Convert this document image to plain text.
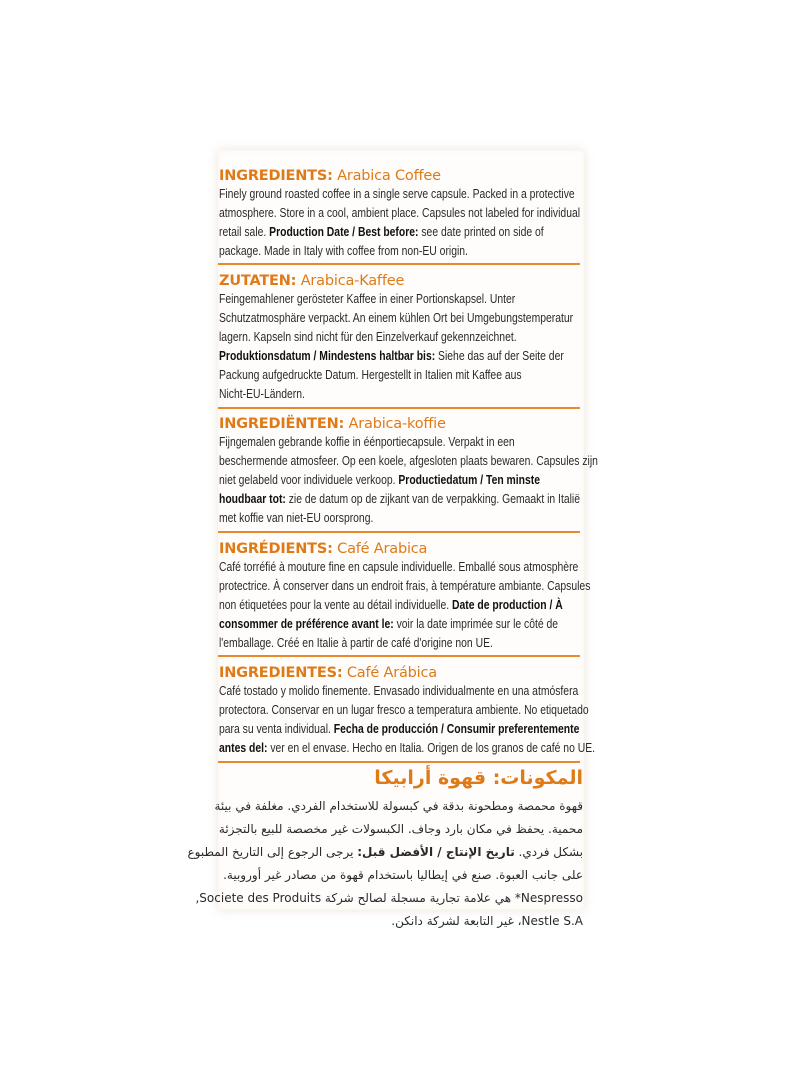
INGREDIENTS: Arabica Coffee
Finely ground roasted coffee in a single serve capsule. Packed in a protective
atmosphere. Store in a cool, ambient place. Capsules not labeled for individual
retail sale. Production Date / Best before: see date printed on side of
package. Made in Italy with coffee from non-EU origin.
ZUTATEN: Arabica-Kaffee
Feingemahlener gerösteter Kaffee in einer Portionskapsel. Unter
Schutzatmosphäre verpackt. An einem kühlen Ort bei Umgebungstemperatur
lagern. Kapseln sind nicht für den Einzelverkauf gekennzeichnet.
Produktionsdatum / Mindestens haltbar bis: Siehe das auf der Seite der
Packung aufgedruckte Datum. Hergestellt in Italien mit Kaffee aus
Nicht-EU-Ländern.
INGREDIËNTEN: Arabica-koffie
Fijngemalen gebrande koffie in éénportiecapsule. Verpakt in een
beschermende atmosfeer. Op een koele, afgesloten plaats bewaren. Capsules zijn
niet gelabeld voor individuele verkoop. Productiedatum / Ten minste
houdbaar tot: zie de datum op de zijkant van de verpakking. Gemaakt in Italië
met koffie van niet-EU oorsprong.
INGRÉDIENTS: Café Arabica
Café torréfié à mouture fine en capsule individuelle. Emballé sous atmosphère
protectrice. À conserver dans un endroit frais, à température ambiante. Capsules
non étiquetées pour la vente au détail individuelle. Date de production / À
consommer de préférence avant le: voir la date imprimée sur le côté de
l'emballage. Créé en Italie à partir de café d'origine non UE.
INGREDIENTES: Café Arábica
Café tostado y molido finemente. Envasado individualmente en una atmósfera
protectora. Conservar en un lugar fresco a temperatura ambiente. No etiquetado
para su venta individual. Fecha de producción / Consumir preferentemente
antes del: ver en el envase. Hecho en Italia. Origen de los granos de café no UE.
المكونات: قهوة أرابيكا
قهوة محمصة ومطحونة بدقة في كبسولة للاستخدام الفردي. مغلفة في بيئة
محمية. يحفظ في مكان بارد وجاف. الكبسولات غير مخصصة للبيع بالتجزئة
بشكل فردي. تاريخ الإنتاج / الأفضل قبل: يرجى الرجوع إلى التاريخ المطبوع
على جانب العبوة. صنع في إيطاليا باستخدام قهوة من مصادر غير أوروبية.
Nespresso* هي علامة تجارية مسجلة لصالح شركة Societe des Produits,
Nestle S.A، غير التابعة لشركة دانكن.
